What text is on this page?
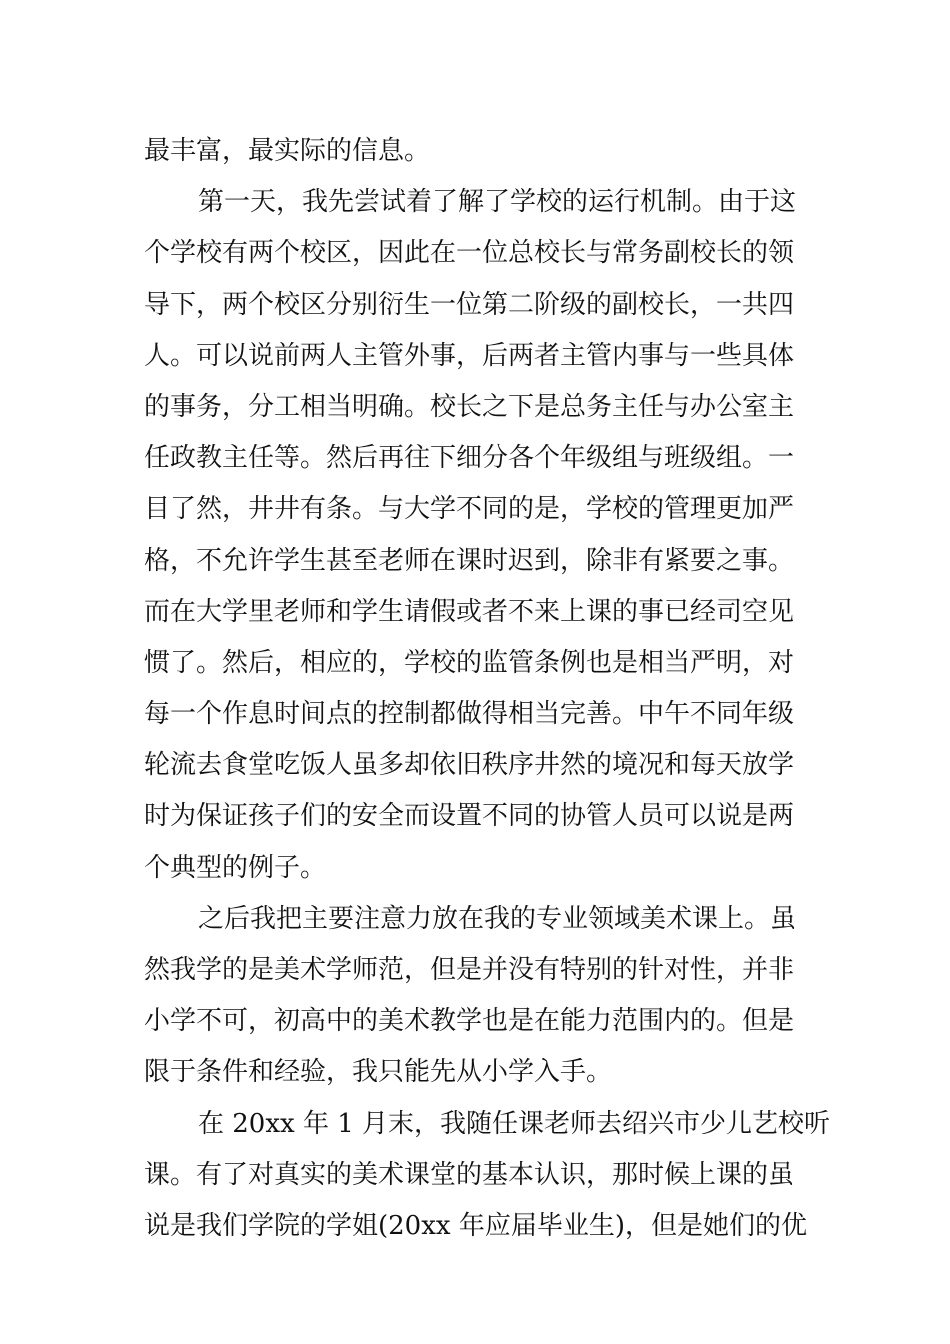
最丰富，最实际的信息。
第一天，我先尝试着了解了学校的运行机制。由于这
个学校有两个校区，因此在一位总校长与常务副校长的领
导下，两个校区分别衍生一位第二阶级的副校长，一共四
人。可以说前两人主管外事，后两者主管内事与一些具体
的事务，分工相当明确。校长之下是总务主任与办公室主
任政教主任等。然后再往下细分各个年级组与班级组。一
目了然，井井有条。与大学不同的是，学校的管理更加严
格，不允许学生甚至老师在课时迟到，除非有紧要之事。
而在大学里老师和学生请假或者不来上课的事已经司空见
惯了。然后，相应的，学校的监管条例也是相当严明，对
每一个作息时间点的控制都做得相当完善。中午不同年级
轮流去食堂吃饭人虽多却依旧秩序井然的境况和每天放学
时为保证孩子们的安全而设置不同的协管人员可以说是两
个典型的例子。
之后我把主要注意力放在我的专业领域美术课上。虽
然我学的是美术学师范，但是并没有特别的针对性，并非
小学不可，初高中的美术教学也是在能力范围内的。但是
限于条件和经验，我只能先从小学入手。
在 20xx 年 1 月末，我随任课老师去绍兴市少儿艺校听
课。有了对真实的美术课堂的基本认识，那时候上课的虽
说是我们学院的学姐(20xx 年应届毕业生)，但是她们的优
